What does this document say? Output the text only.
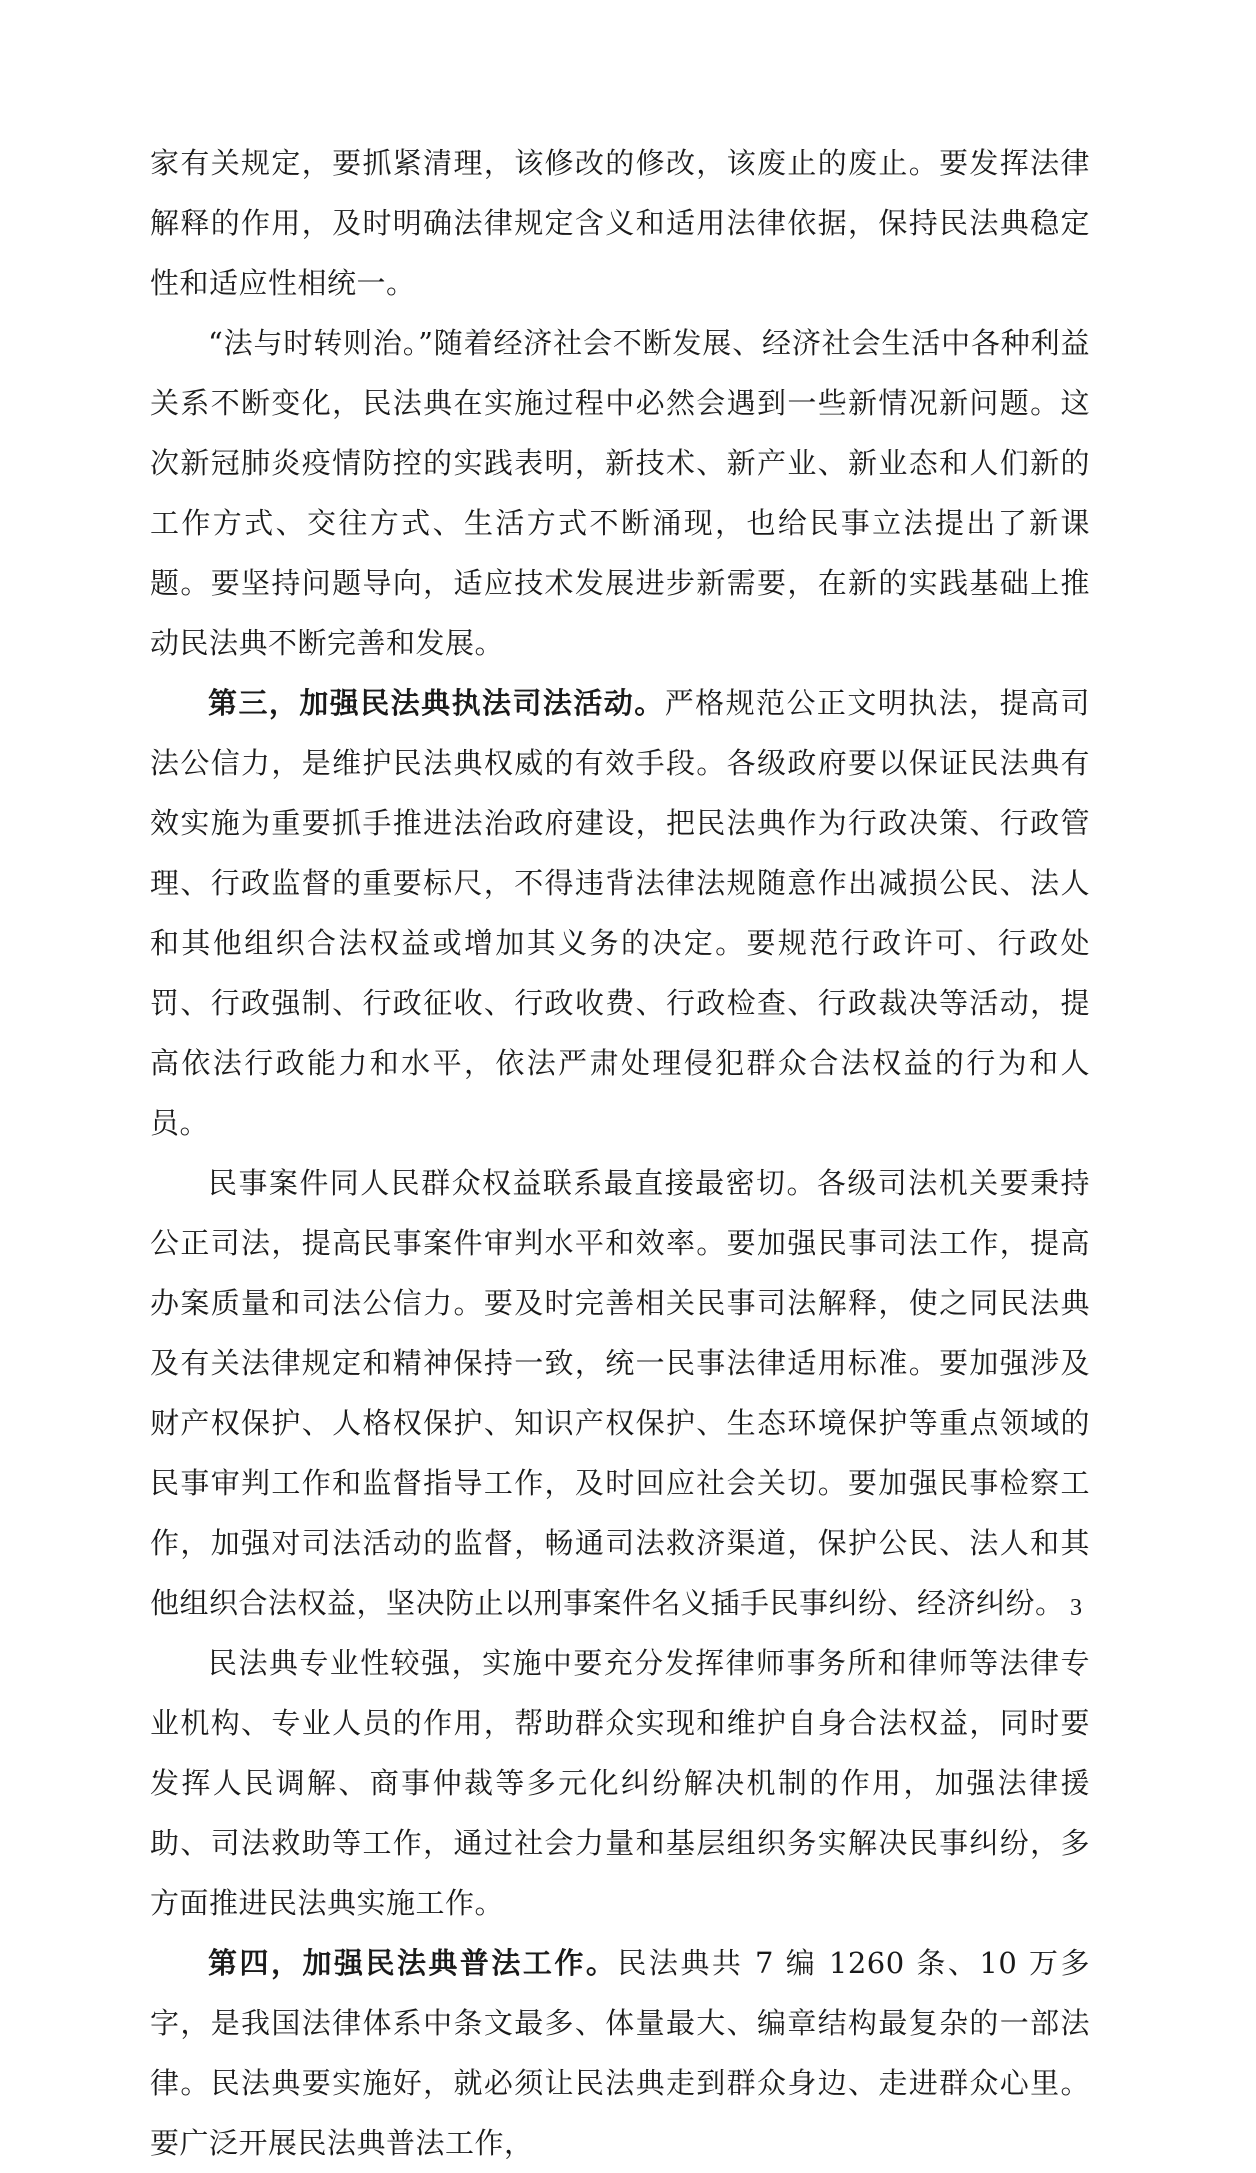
家有关规定，要抓紧清理，该修改的修改，该废止的废止。要发挥法律解释的作用，及时明确法律规定含义和适用法律依据，保持民法典稳定性和适应性相统一。

“法与时转则治。”随着经济社会不断发展、经济社会生活中各种利益关系不断变化，民法典在实施过程中必然会遇到一些新情况新问题。这次新冠肺炎疫情防控的实践表明，新技术、新产业、新业态和人们新的工作方式、交往方式、生活方式不断涌现，也给民事立法提出了新课题。要坚持问题导向，适应技术发展进步新需要，在新的实践基础上推动民法典不断完善和发展。

第三，加强民法典执法司法活动。严格规范公正文明执法，提高司法公信力，是维护民法典权威的有效手段。各级政府要以保证民法典有效实施为重要抓手推进法治政府建设，把民法典作为行政决策、行政管理、行政监督的重要标尺，不得违背法律法规随意作出减损公民、法人和其他组织合法权益或增加其义务的决定。要规范行政许可、行政处罚、行政强制、行政征收、行政收费、行政检查、行政裁决等活动，提高依法行政能力和水平，依法严肃处理侵犯群众合法权益的行为和人员。

民事案件同人民群众权益联系最直接最密切。各级司法机关要秉持公正司法，提高民事案件审判水平和效率。要加强民事司法工作，提高办案质量和司法公信力。要及时完善相关民事司法解释，使之同民法典及有关法律规定和精神保持一致，统一民事法律适用标准。要加强涉及财产权保护、人格权保护、知识产权保护、生态环境保护等重点领域的民事审判工作和监督指导工作，及时回应社会关切。要加强民事检察工作，加强对司法活动的监督，畅通司法救济渠道，保护公民、法人和其他组织合法权益，坚决防止以刑事案件名义插手民事纠纷、经济纠纷。

民法典专业性较强，实施中要充分发挥律师事务所和律师等法律专业机构、专业人员的作用，帮助群众实现和维护自身合法权益，同时要发挥人民调解、商事仲裁等多元化纠纷解决机制的作用，加强法律援助、司法救助等工作，通过社会力量和基层组织务实解决民事纠纷，多方面推进民法典实施工作。

第四，加强民法典普法工作。民法典共 7 编 1260 条、10 万多字，是我国法律体系中条文最多、体量最大、编章结构最复杂的一部法律。民法典要实施好，就必须让民法典走到群众身边、走进群众心里。要广泛开展民法典普法工作，

3
